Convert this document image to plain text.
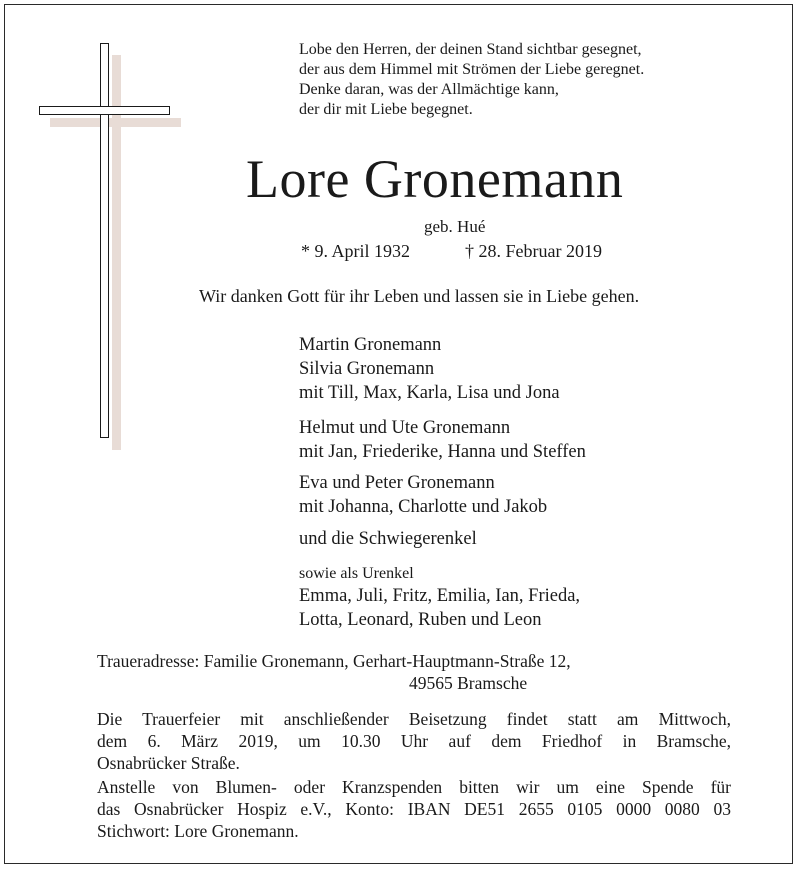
Lobe den Herren, der deinen Stand sichtbar gesegnet,
der aus dem Himmel mit Strömen der Liebe geregnet.
Denke daran, was der Allmächtige kann,
der dir mit Liebe begegnet.
Lore Gronemann
geb. Hué
* 9. April 1932	† 28. Februar 2019
Wir danken Gott für ihr Leben und lassen sie in Liebe gehen.
Martin Gronemann
Silvia Gronemann
mit Till, Max, Karla, Lisa und Jona
Helmut und Ute Gronemann
mit Jan, Friederike, Hanna und Steffen
Eva und Peter Gronemann
mit Johanna, Charlotte und Jakob
und die Schwiegerenkel
sowie als Urenkel
Emma, Juli, Fritz, Emilia, Ian, Frieda,
Lotta, Leonard, Ruben und Leon
Traueradresse: Familie Gronemann, Gerhart-Hauptmann-Straße 12,
49565 Bramsche
Die Trauerfeier mit anschließender Beisetzung findet statt am Mittwoch,
dem 6. März 2019, um 10.30 Uhr auf dem Friedhof in Bramsche,
Osnabrücker Straße.
Anstelle von Blumen- oder Kranzspenden bitten wir um eine Spende für
das Osnabrücker Hospiz e.V., Konto: IBAN DE51 2655 0105 0000 0080 03
Stichwort: Lore Gronemann.
